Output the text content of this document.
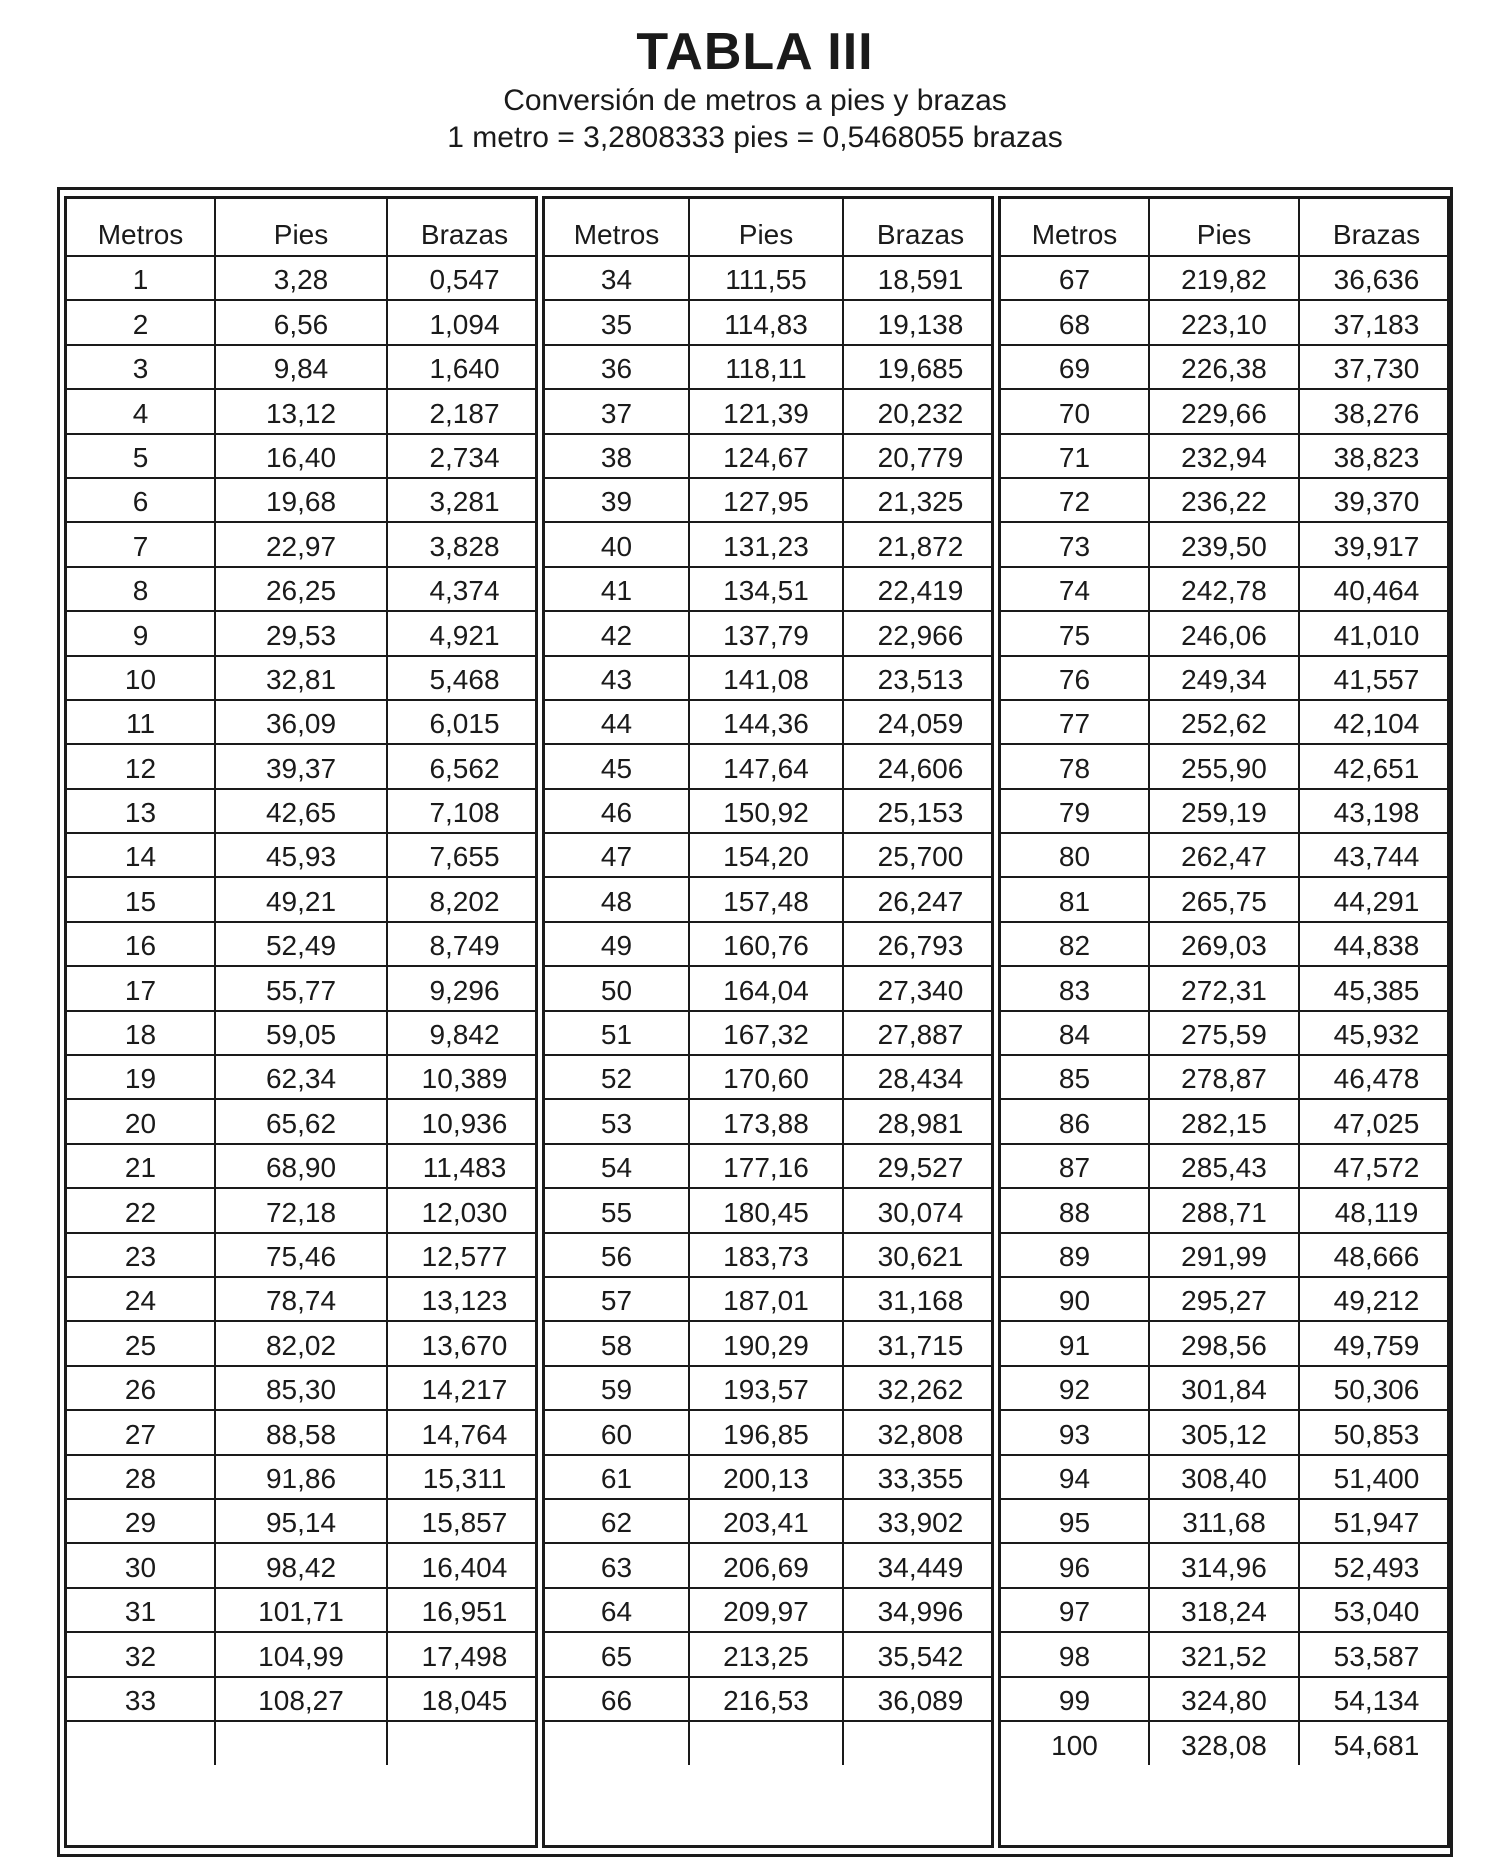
TABLA III
Conversión de metros a pies y brazas
1 metro = 3,2808333 pies = 0,5468055 brazas
Metros	Pies	Brazas
1	3,28	0,547
2	6,56	1,094
3	9,84	1,640
4	13,12	2,187
5	16,40	2,734
6	19,68	3,281
7	22,97	3,828
8	26,25	4,374
9	29,53	4,921
10	32,81	5,468
11	36,09	6,015
12	39,37	6,562
13	42,65	7,108
14	45,93	7,655
15	49,21	8,202
16	52,49	8,749
17	55,77	9,296
18	59,05	9,842
19	62,34	10,389
20	65,62	10,936
21	68,90	11,483
22	72,18	12,030
23	75,46	12,577
24	78,74	13,123
25	82,02	13,670
26	85,30	14,217
27	88,58	14,764
28	91,86	15,311
29	95,14	15,857
30	98,42	16,404
31	101,71	16,951
32	104,99	17,498
33	108,27	18,045

Metros	Pies	Brazas
34	111,55	18,591
35	114,83	19,138
36	118,11	19,685
37	121,39	20,232
38	124,67	20,779
39	127,95	21,325
40	131,23	21,872
41	134,51	22,419
42	137,79	22,966
43	141,08	23,513
44	144,36	24,059
45	147,64	24,606
46	150,92	25,153
47	154,20	25,700
48	157,48	26,247
49	160,76	26,793
50	164,04	27,340
51	167,32	27,887
52	170,60	28,434
53	173,88	28,981
54	177,16	29,527
55	180,45	30,074
56	183,73	30,621
57	187,01	31,168
58	190,29	31,715
59	193,57	32,262
60	196,85	32,808
61	200,13	33,355
62	203,41	33,902
63	206,69	34,449
64	209,97	34,996
65	213,25	35,542
66	216,53	36,089

Metros	Pies	Brazas
67	219,82	36,636
68	223,10	37,183
69	226,38	37,730
70	229,66	38,276
71	232,94	38,823
72	236,22	39,370
73	239,50	39,917
74	242,78	40,464
75	246,06	41,010
76	249,34	41,557
77	252,62	42,104
78	255,90	42,651
79	259,19	43,198
80	262,47	43,744
81	265,75	44,291
82	269,03	44,838
83	272,31	45,385
84	275,59	45,932
85	278,87	46,478
86	282,15	47,025
87	285,43	47,572
88	288,71	48,119
89	291,99	48,666
90	295,27	49,212
91	298,56	49,759
92	301,84	50,306
93	305,12	50,853
94	308,40	51,400
95	311,68	51,947
96	314,96	52,493
97	318,24	53,040
98	321,52	53,587
99	324,80	54,134
100	328,08	54,681
